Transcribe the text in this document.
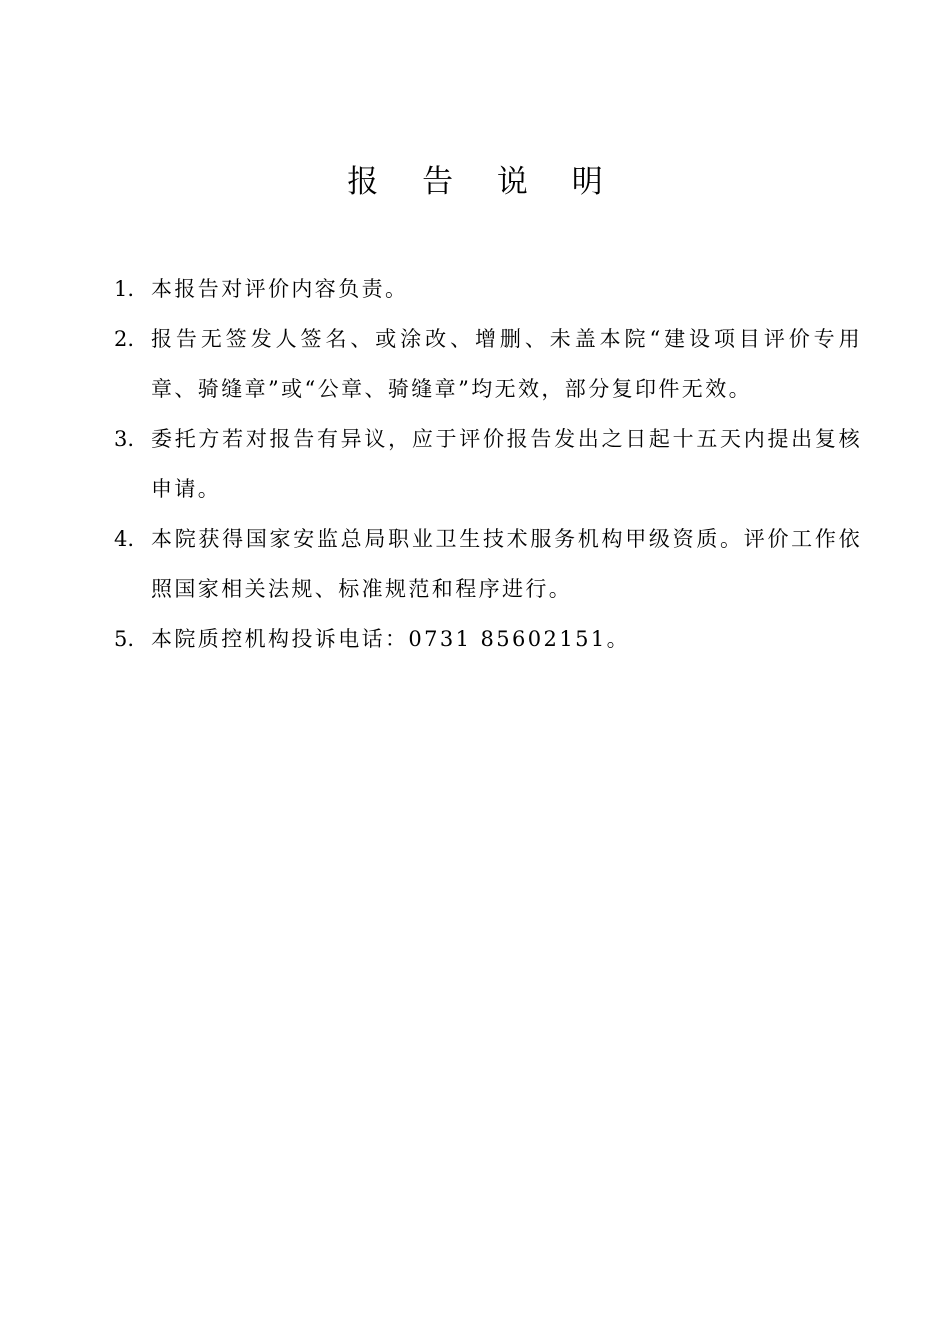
报 告 说 明
1. 本报告对评价内容负责。
2. 报告无签发人签名、或涂改、增删、未盖本院“建设项目评价专用章、骑缝章”或“公章、骑缝章”均无效，部分复印件无效。
3. 委托方若对报告有异议，应于评价报告发出之日起十五天内提出复核申请。
4. 本院获得国家安监总局职业卫生技术服务机构甲级资质。评价工作依照国家相关法规、标准规范和程序进行。
5. 本院质控机构投诉电话：0731 85602151。
